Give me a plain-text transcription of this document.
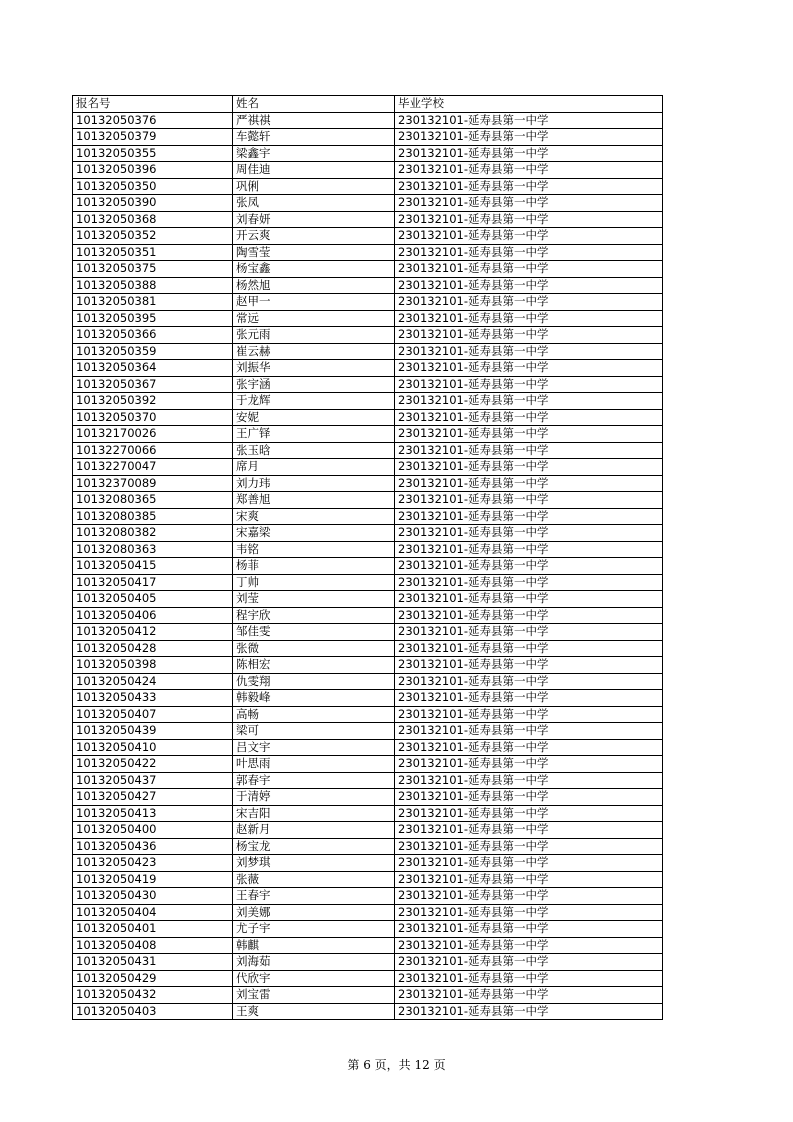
报名号	姓名	毕业学校
10132050376	严祺祺	230132101-延寿县第一中学
10132050379	车懿轩	230132101-延寿县第一中学
10132050355	梁鑫宇	230132101-延寿县第一中学
10132050396	周佳迪	230132101-延寿县第一中学
10132050350	巩俐	230132101-延寿县第一中学
10132050390	张凤	230132101-延寿县第一中学
10132050368	刘春妍	230132101-延寿县第一中学
10132050352	开云爽	230132101-延寿县第一中学
10132050351	陶雪莹	230132101-延寿县第一中学
10132050375	杨宝鑫	230132101-延寿县第一中学
10132050388	杨然旭	230132101-延寿县第一中学
10132050381	赵甲一	230132101-延寿县第一中学
10132050395	常远	230132101-延寿县第一中学
10132050366	张元雨	230132101-延寿县第一中学
10132050359	崔云赫	230132101-延寿县第一中学
10132050364	刘振华	230132101-延寿县第一中学
10132050367	张宇涵	230132101-延寿县第一中学
10132050392	于龙辉	230132101-延寿县第一中学
10132050370	安妮	230132101-延寿县第一中学
10132170026	王广铎	230132101-延寿县第一中学
10132270066	张玉晗	230132101-延寿县第一中学
10132270047	席月	230132101-延寿县第一中学
10132370089	刘力玮	230132101-延寿县第一中学
10132080365	郑善旭	230132101-延寿县第一中学
10132080385	宋爽	230132101-延寿县第一中学
10132080382	宋嘉梁	230132101-延寿县第一中学
10132080363	韦铭	230132101-延寿县第一中学
10132050415	杨菲	230132101-延寿县第一中学
10132050417	丁帅	230132101-延寿县第一中学
10132050405	刘莹	230132101-延寿县第一中学
10132050406	程宇欣	230132101-延寿县第一中学
10132050412	邹佳雯	230132101-延寿县第一中学
10132050428	张微	230132101-延寿县第一中学
10132050398	陈相宏	230132101-延寿县第一中学
10132050424	仇雯翔	230132101-延寿县第一中学
10132050433	韩毅峰	230132101-延寿县第一中学
10132050407	高畅	230132101-延寿县第一中学
10132050439	梁可	230132101-延寿县第一中学
10132050410	吕文宇	230132101-延寿县第一中学
10132050422	叶思雨	230132101-延寿县第一中学
10132050437	郭春宇	230132101-延寿县第一中学
10132050427	于清婷	230132101-延寿县第一中学
10132050413	宋吉阳	230132101-延寿县第一中学
10132050400	赵新月	230132101-延寿县第一中学
10132050436	杨宝龙	230132101-延寿县第一中学
10132050423	刘梦琪	230132101-延寿县第一中学
10132050419	张薇	230132101-延寿县第一中学
10132050430	王春宇	230132101-延寿县第一中学
10132050404	刘美娜	230132101-延寿县第一中学
10132050401	尤子宇	230132101-延寿县第一中学
10132050408	韩麒	230132101-延寿县第一中学
10132050431	刘海茹	230132101-延寿县第一中学
10132050429	代欣宇	230132101-延寿县第一中学
10132050432	刘宝雷	230132101-延寿县第一中学
10132050403	王爽	230132101-延寿县第一中学
第 6 页，共 12 页
